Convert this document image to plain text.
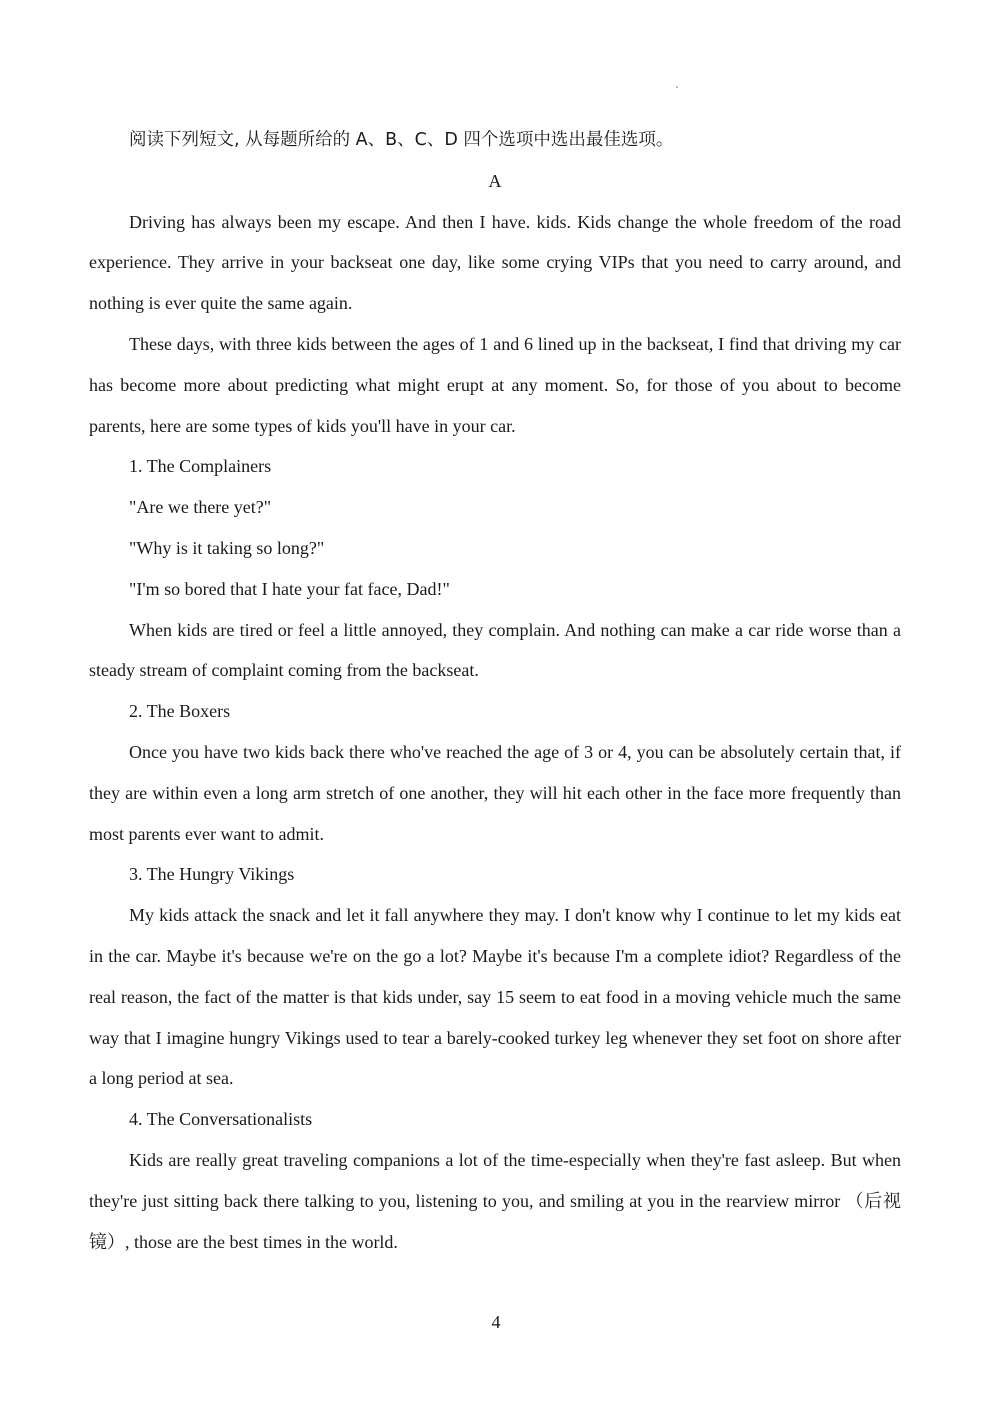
阅读下列短文, 从每题所给的 A、B、C、D 四个选项中选出最佳选项。

A

Driving has always been my escape. And then I have. kids. Kids change the whole freedom of the road experience. They arrive in your backseat one day, like some crying VIPs that you need to carry around, and nothing is ever quite the same again.

These days, with three kids between the ages of 1 and 6 lined up in the backseat, I find that driving my car has become more about predicting what might erupt at any moment. So, for those of you about to become parents, here are some types of kids you'll have in your car.

1. The Complainers

"Are we there yet?"

"Why is it taking so long?"

"I'm so bored that I hate your fat face, Dad!"

When kids are tired or feel a little annoyed, they complain. And nothing can make a car ride worse than a steady stream of complaint coming from the backseat.

2. The Boxers

Once you have two kids back there who've reached the age of 3 or 4, you can be absolutely certain that, if they are within even a long arm stretch of one another, they will hit each other in the face more frequently than most parents ever want to admit.

3. The Hungry Vikings

My kids attack the snack and let it fall anywhere they may. I don't know why I continue to let my kids eat in the car. Maybe it's because we're on the go a lot? Maybe it's because I'm a complete idiot? Regardless of the real reason, the fact of the matter is that kids under, say 15 seem to eat food in a moving vehicle much the same way that I imagine hungry Vikings used to tear a barely-cooked turkey leg whenever they set foot on shore after a long period at sea.

4. The Conversationalists

Kids are really great traveling companions a lot of the time-especially when they're fast asleep. But when they're just sitting back there talking to you, listening to you, and smiling at you in the rearview mirror （后视镜）, those are the best times in the world.

4
